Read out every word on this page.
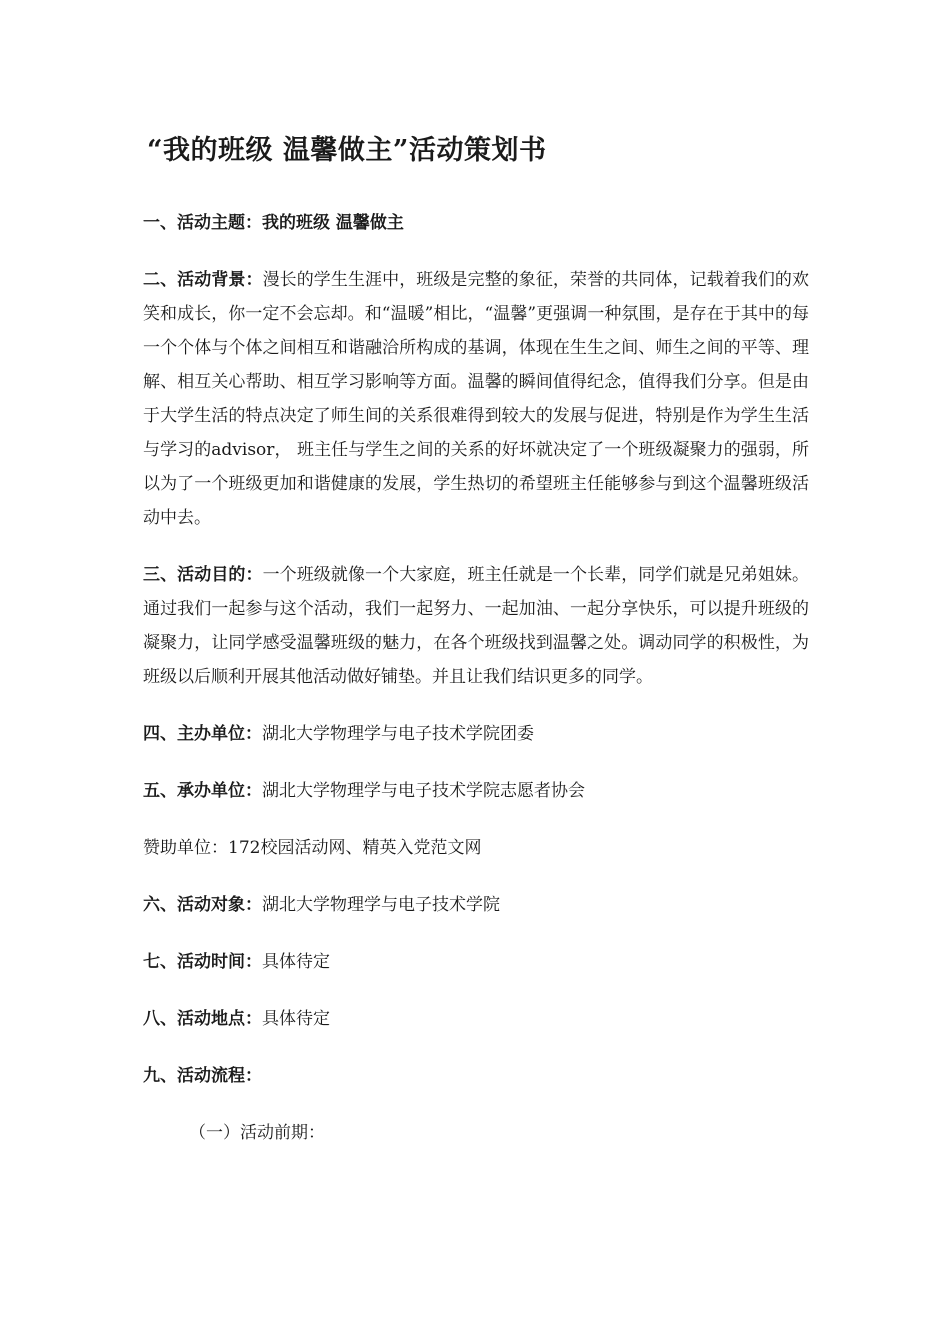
“我的班级 温馨做主”活动策划书

一、活动主题：我的班级 温馨做主

二、活动背景：漫长的学生生涯中，班级是完整的象征，荣誉的共同体，记载着我们的欢笑和成长，你一定不会忘却。和“温暖”相比，“温馨”更强调一种氛围，是存在于其中的每一个个体与个体之间相互和谐融洽所构成的基调，体现在生生之间、师生之间的平等、理解、相互关心帮助、相互学习影响等方面。温馨的瞬间值得纪念，值得我们分享。但是由于大学生活的特点决定了师生间的关系很难得到较大的发展与促进，特别是作为学生生活与学习的advisor， 班主任与学生之间的关系的好坏就决定了一个班级凝聚力的强弱，所以为了一个班级更加和谐健康的发展，学生热切的希望班主任能够参与到这个温馨班级活动中去。

三、活动目的：一个班级就像一个大家庭，班主任就是一个长辈，同学们就是兄弟姐妹。通过我们一起参与这个活动，我们一起努力、一起加油、一起分享快乐，可以提升班级的凝聚力，让同学感受温馨班级的魅力，在各个班级找到温馨之处。调动同学的积极性，为班级以后顺利开展其他活动做好铺垫。并且让我们结识更多的同学。

四、主办单位：湖北大学物理学与电子技术学院团委

五、承办单位：湖北大学物理学与电子技术学院志愿者协会

赞助单位：172校园活动网、精英入党范文网

六、活动对象：湖北大学物理学与电子技术学院

七、活动时间：具体待定

八、活动地点：具体待定

九、活动流程：

（一）活动前期：
